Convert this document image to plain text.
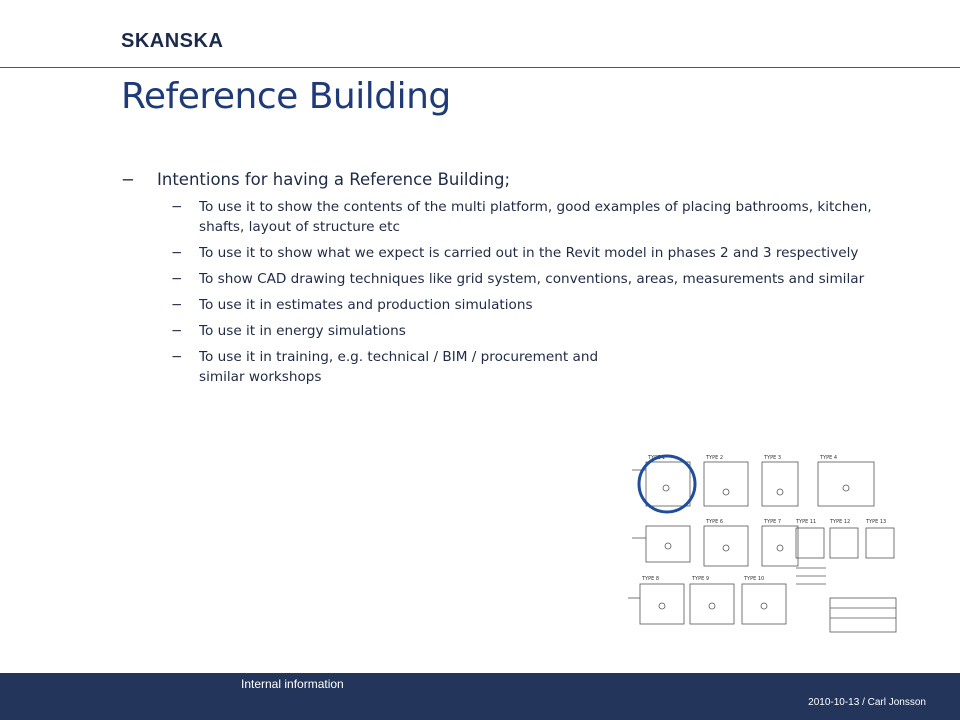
SKANSKA
Reference Building
− Intentions for having a Reference Building;
− To use it to show the contents of the multi platform, good examples of placing bathrooms, kitchen, shafts, layout of structure etc
− To use it to show what we expect is carried out in the Revit model in phases 2 and 3 respectively
− To show CAD drawing techniques like grid system, conventions, areas, measurements and similar
− To use it in estimates and production simulations
− To use it in energy simulations
− To use it in training, e.g. technical / BIM / procurement and similar workshops
TYPE 1	TYPE 2	TYPE 3	TYPE 4
TYPE 6	TYPE 7	TYPE 11	TYPE 12	TYPE 13
TYPE 8	TYPE 9	TYPE 10
Internal information
2010-10-13 / Carl Jonsson
